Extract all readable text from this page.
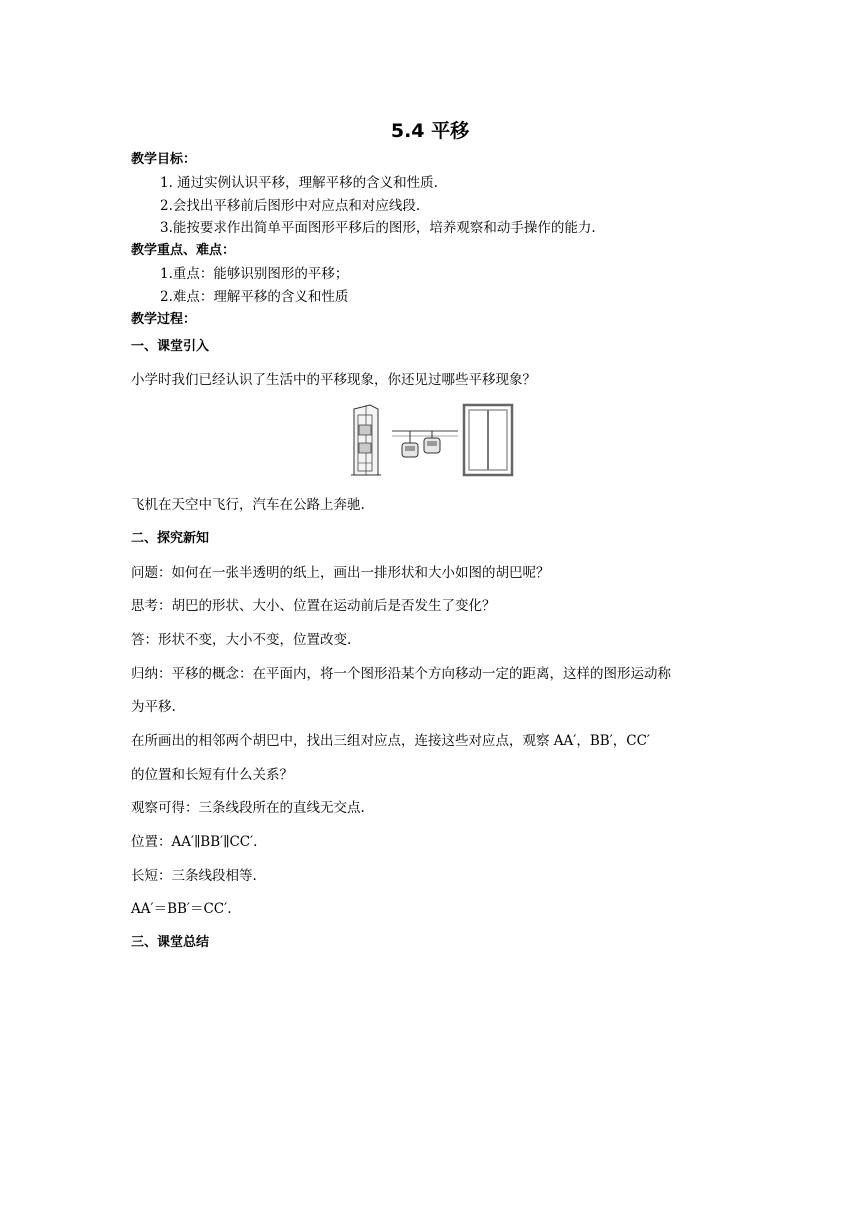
5.4 平移
教学目标：
1. 通过实例认识平移，理解平移的含义和性质.
2.会找出平移前后图形中对应点和对应线段.
3.能按要求作出简单平面图形平移后的图形，培养观察和动手操作的能力.
教学重点、难点：
1.重点：能够识别图形的平移；
2.难点：理解平移的含义和性质
教学过程：
一、课堂引入
小学时我们已经认识了生活中的平移现象，你还见过哪些平移现象？
飞机在天空中飞行，汽车在公路上奔驰.
二、探究新知
问题：如何在一张半透明的纸上，画出一排形状和大小如图的胡巴呢？
思考：胡巴的形状、大小、位置在运动前后是否发生了变化？
答：形状不变，大小不变，位置改变.
归纳：平移的概念：在平面内，将一个图形沿某个方向移动一定的距离，这样的图形运动称
为平移.
在所画出的相邻两个胡巴中，找出三组对应点，连接这些对应点，观察 AA′，BB′，CC′
的位置和长短有什么关系？
观察可得：三条线段所在的直线无交点.
位置：AA′∥BB′∥CC′.
长短：三条线段相等.
AA′＝BB′＝CC′.
三、课堂总结
